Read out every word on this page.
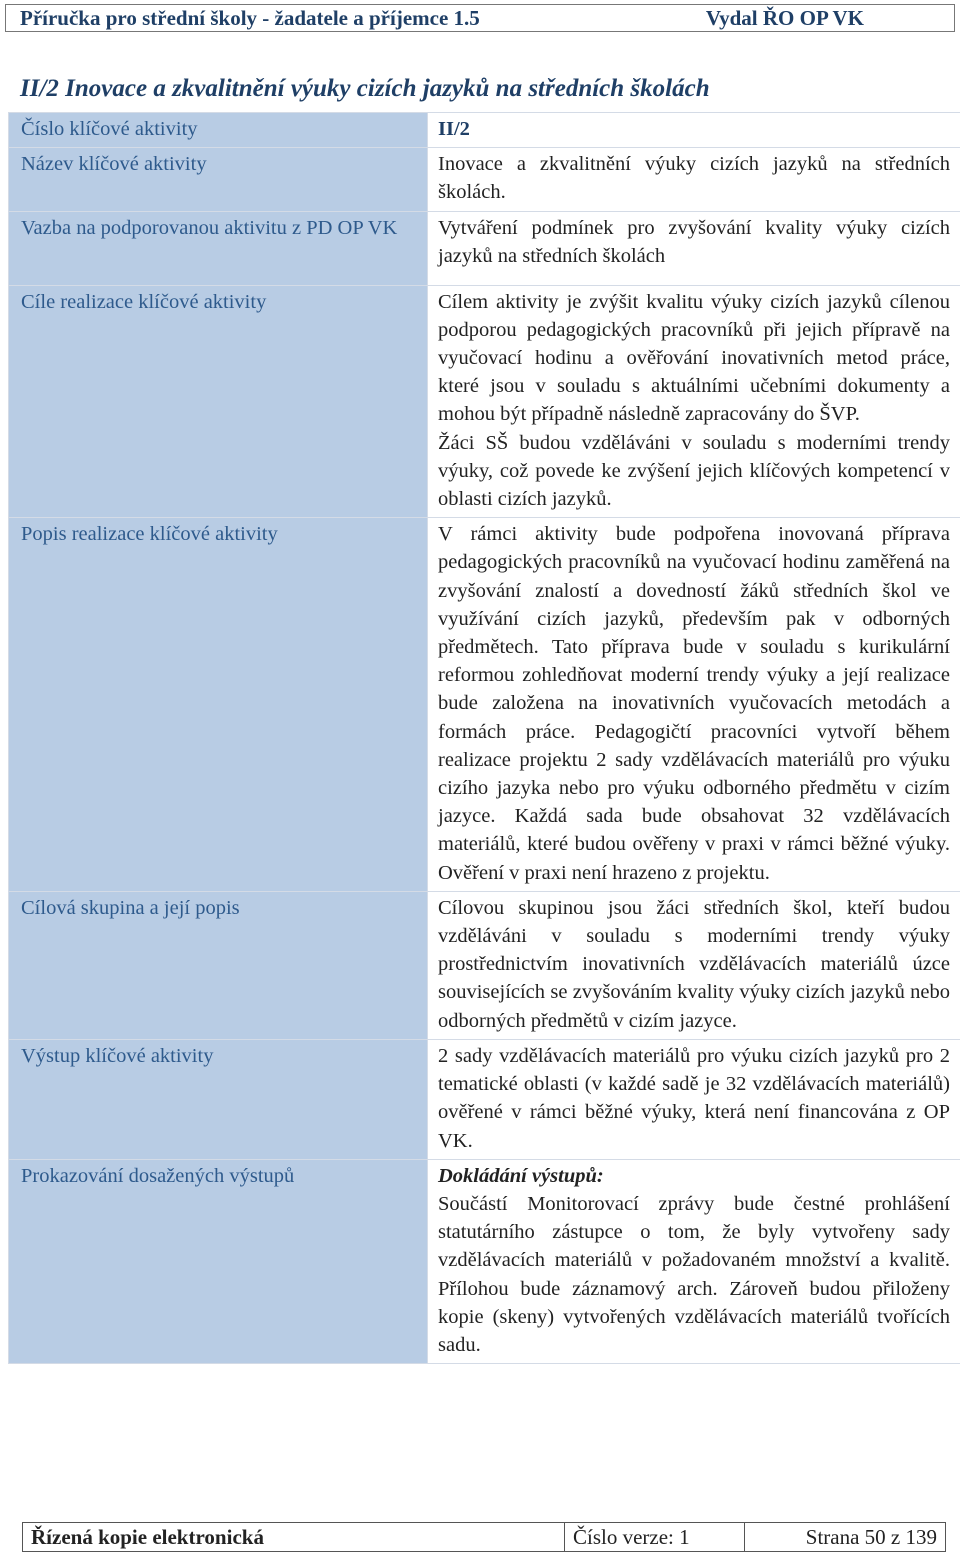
Příručka pro střední školy - žadatele a příjemce 1.5	Vydal ŘO OP VK
II/2 Inovace a zkvalitnění výuky cizích jazyků na středních školách
Číslo klíčové aktivity	II/2
Název klíčové aktivity	Inovace a zkvalitnění výuky cizích jazyků na středních školách.
Vazba na podporovanou aktivitu z PD OP VK	Vytváření podmínek pro zvyšování kvality výuky cizích jazyků na středních školách
Cíle realizace klíčové aktivity	Cílem aktivity je zvýšit kvalitu výuky cizích jazyků cílenou podporou pedagogických pracovníků při jejich přípravě na vyučovací hodinu a ověřování inovativních metod práce, které jsou v souladu s aktuálními učebními dokumenty a mohou být případně následně zapracovány do ŠVP.
Žáci SŠ budou vzděláváni v souladu s moderními trendy výuky, což povede ke zvýšení jejich klíčových kompetencí v oblasti cizích jazyků.

Popis realizace klíčové aktivity	V rámci aktivity bude podpořena inovovaná příprava pedagogických pracovníků na vyučovací hodinu zaměřená na zvyšování znalostí a dovedností žáků středních škol ve využívání cizích jazyků, především pak v odborných předmětech. Tato příprava bude v souladu s kurikulární reformou zohledňovat moderní trendy výuky a její realizace bude založena na inovativních vyučovacích metodách a formách práce. Pedagogičtí pracovníci vytvoří během realizace projektu 2 sady vzdělávacích materiálů pro výuku cizího jazyka nebo pro výuku odborného předmětu v cizím jazyce. Každá sada bude obsahovat 32 vzdělávacích materiálů, které budou ověřeny v praxi v rámci běžné výuky. Ověření v praxi není hrazeno z projektu.
Cílová skupina a její popis	Cílovou skupinou jsou žáci středních škol, kteří budou vzděláváni v souladu s moderními trendy výuky prostřednictvím inovativních vzdělávacích materiálů úzce souvisejících se zvyšováním kvality výuky cizích jazyků nebo odborných předmětů v cizím jazyce.
Výstup klíčové aktivity	2 sady vzdělávacích materiálů pro výuku cizích jazyků pro 2 tematické oblasti (v každé sadě je 32 vzdělávacích materiálů) ověřené v rámci běžné výuky, která není financována z OP VK.
Prokazování dosažených výstupů	Dokládání výstupů:
Součástí Monitorovací zprávy bude čestné prohlášení statutárního zástupce o tom, že byly vytvořeny sady vzdělávacích materiálů v požadovaném množství a kvalitě. Přílohou bude záznamový arch. Zároveň budou přiloženy kopie (skeny) vytvořených vzdělávacích materiálů tvořících sadu.
Řízená kopie elektronická	Číslo verze: 1	Strana 50 z 139
